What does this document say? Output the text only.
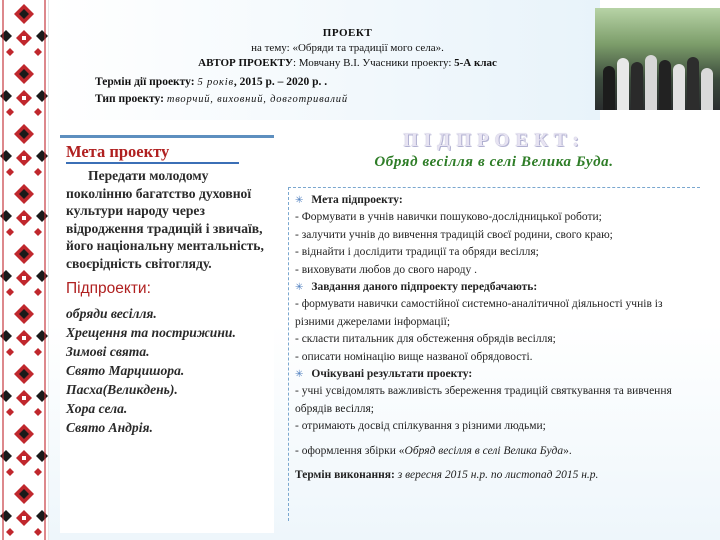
ПРОЕКТ
на тему: «Обряди та традиції мого села».
АВТОР ПРОЕКТУ: Мовчану В.І. Учасники проекту: 5-А клас
Термін дії проекту: 5 років, 2015 р. – 2020 р. .
Тип проекту: творчий, виховний, довготривалий
Мета проекту
Передати молодому поколінню багатство духовної культури народу через відродження традицій і звичаїв, його національну ментальність, своєрідність світогляду.
Підпроекти:
обряди весілля.
Хрещення та пострижини.
Зимові свята.
Свято Марцишора.
Пасха(Великдень).
Хора села.
Свято Андрія.
ПІДПРОЕКТ:
Обряд весілля в селі Велика Буда.
✳ Мета підпроекту:
- Формувати в учнів навички пошуково-дослідницької роботи;
- залучити учнів до вивчення традицій своєї родини, свого краю;
- віднайти і дослідити традиції та обряди весілля;
- виховувати любов до свого народу .
✳ Завдання даного підпроекту передбачають:
- формувати навички самостійної системно-аналітичної діяльності учнів із різними джерелами інформації;
- скласти питальник для обстеження обрядів весілля;
- описати номінацію вище названої обрядовості.
✳ Очікувані результати проекту:
- учні усвідомлять важливість збереження традицій святкування та вивчення обрядів весілля;
- отримають досвід спілкування з різними людьми;
- оформлення збірки «Обряд весілля в селі Велика Буда».
Термін виконання: з вересня 2015 н.р. по листопад 2015 н.р.
